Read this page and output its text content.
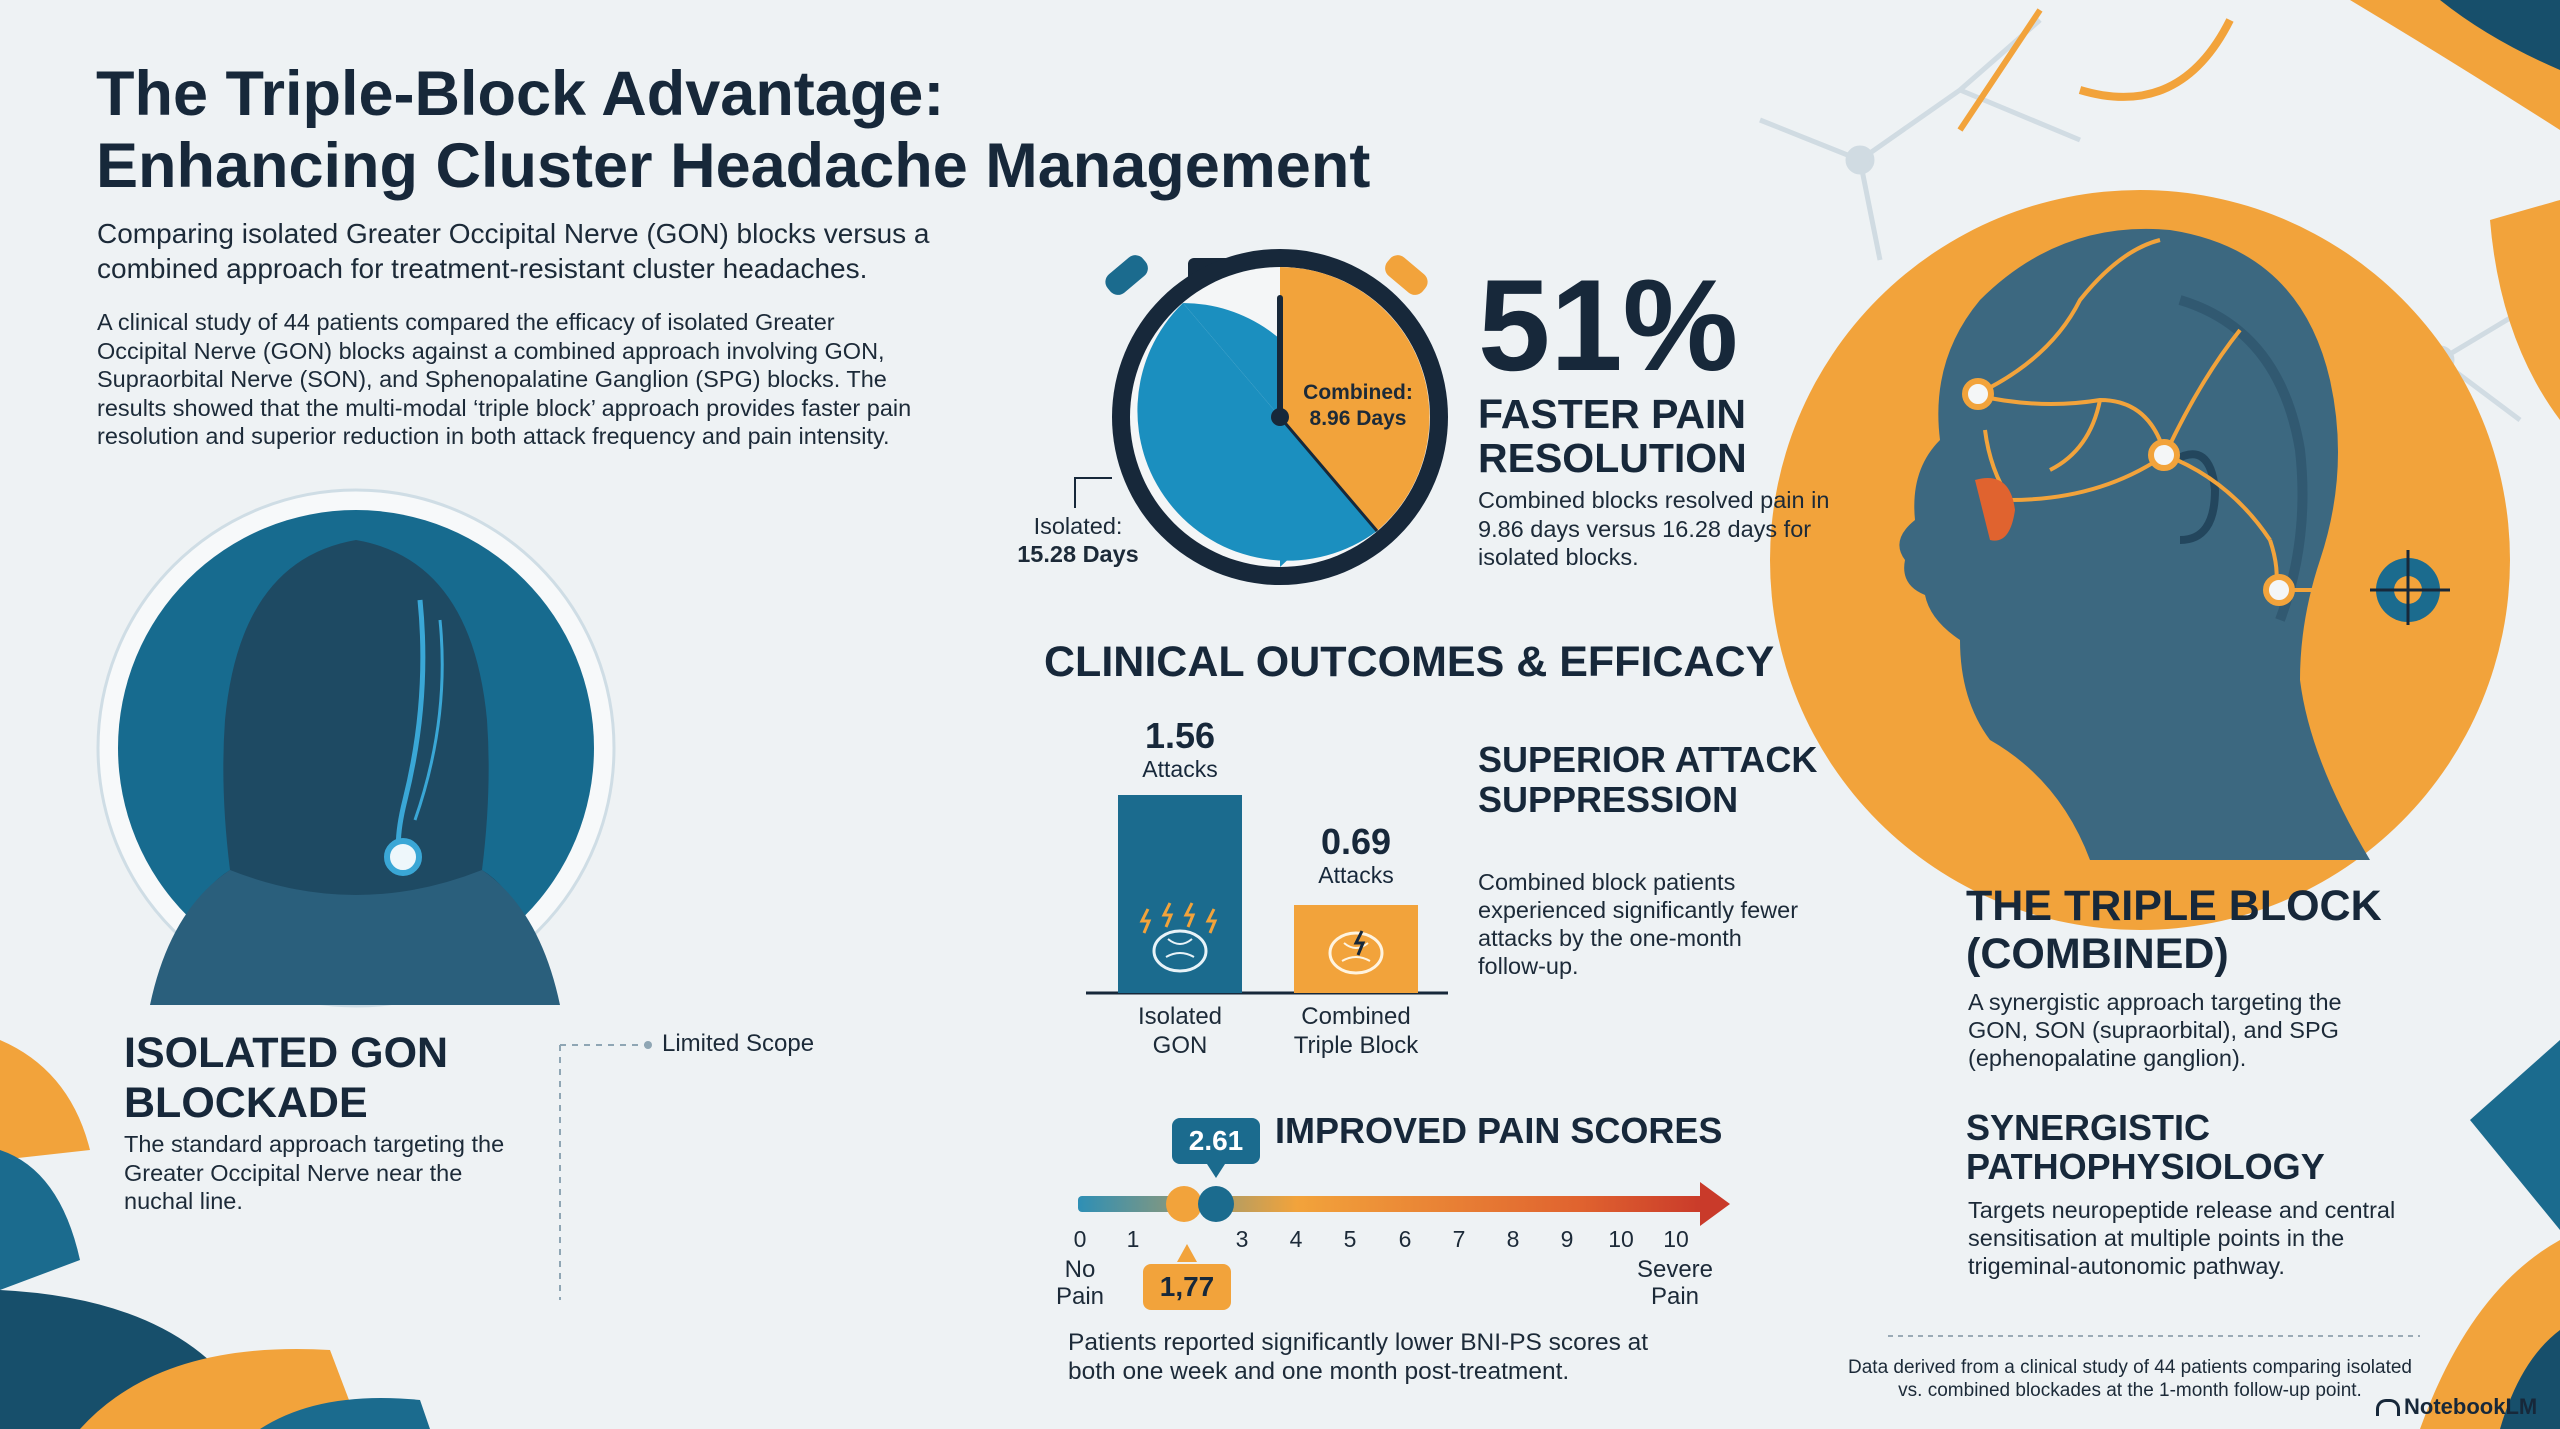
The Triple-Block Advantage:
Enhancing Cluster Headache Management
Comparing isolated Greater Occipital Nerve (GON) blocks versus a combined approach for treatment-resistant cluster headaches.
A clinical study of 44 patients compared the efficacy of isolated Greater Occipital Nerve (GON) blocks against a combined approach involving GON, Supraorbital Nerve (SON), and Sphenopalatine Ganglion (SPG) blocks. The results showed that the multi-modal ‘triple block’ approach provides faster pain resolution and superior reduction in both attack frequency and pain intensity.
ISOLATED GON BLOCKADE
The standard approach targeting the Greater Occipital Nerve near the nuchal line.
Limited Scope
Isolated:
15.28 Days
Combined:
8.96 Days
51%
FASTER PAIN RESOLUTION
Combined blocks resolved pain in 9.86 days versus 16.28 days for isolated blocks.
CLINICAL OUTCOMES & EFFICACY
1.56
Attacks
Isolated
GON
0.69
Attacks
Combined
Triple Block
SUPERIOR ATTACK SUPPRESSION
Combined block patients experienced significantly fewer attacks by the one-month follow-up.
IMPROVED PAIN SCORES
2.61
1,77
0	1	3	4	5	6	7	8	9	10	10
No
Pain
Severe
Pain
Patients reported significantly lower BNI-PS scores at both one week and one month post-treatment.
THE TRIPLE BLOCK (COMBINED)
A synergistic approach targeting the GON, SON (supraorbital), and SPG (ephenopalatine ganglion).
SYNERGISTIC PATHOPHYSIOLOGY
Targets neuropeptide release and central sensitisation at multiple points in the trigeminal-autonomic pathway.
Data derived from a clinical study of 44 patients comparing isolated vs. combined blockades at the 1-month follow-up point.
NotebookLM
